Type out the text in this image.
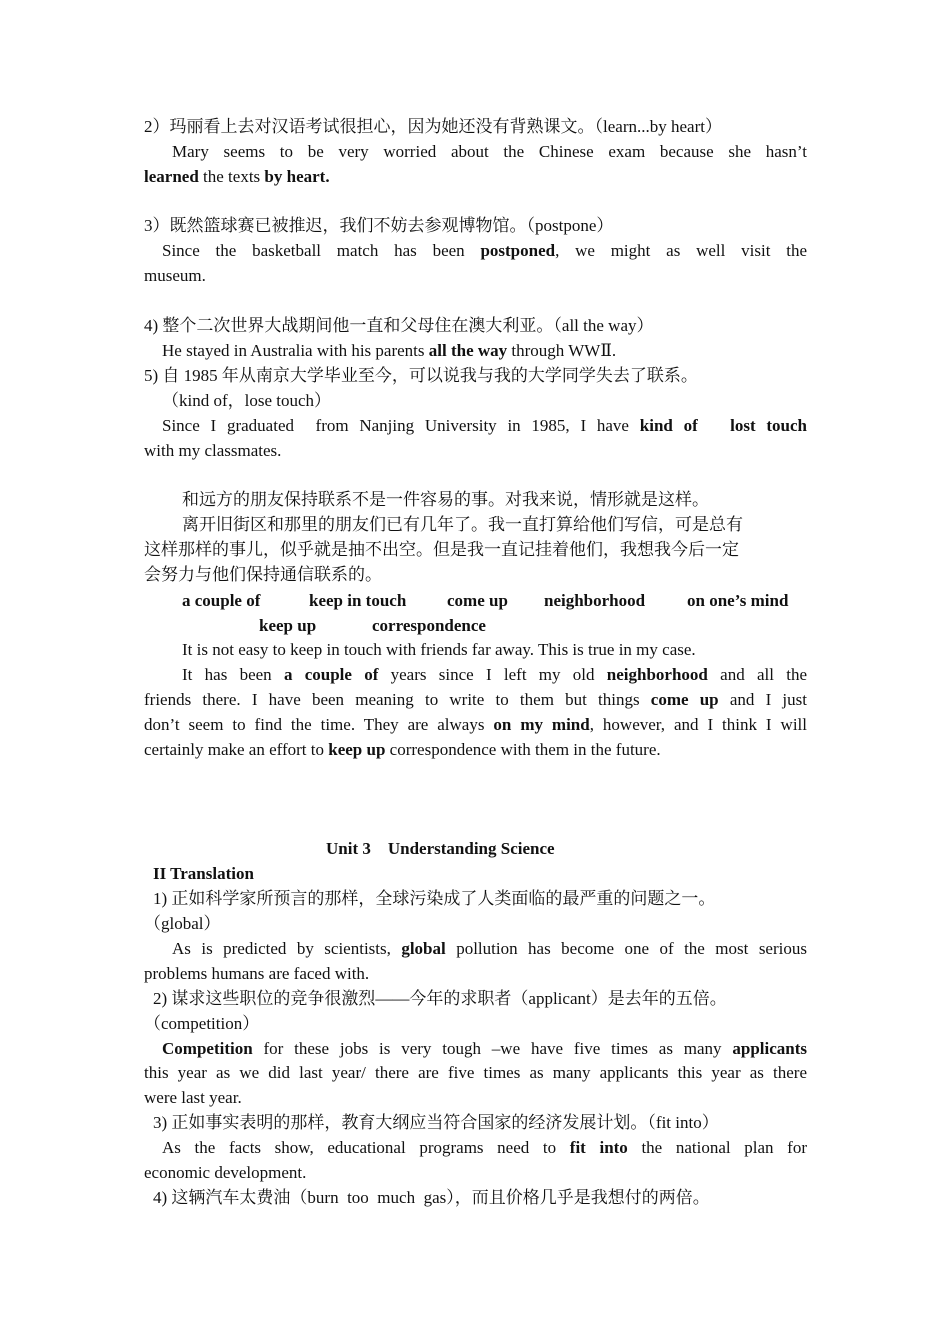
2）玛丽看上去对汉语考试很担心，因为她还没有背熟课文。（learn...by heart）
Mary seems to be very worried about the Chinese exam because she hasn’t
learned the texts by heart.
3）既然篮球赛已被推迟，我们不妨去参观博物馆。（postpone）
Since the basketball match has been postponed, we might as well visit the
museum.
4) 整个二次世界大战期间他一直和父母住在澳大利亚。（all the way）
He stayed in Australia with his parents all the way through WWⅡ.
5) 自 1985 年从南京大学毕业至今，可以说我与我的大学同学失去了联系。
（kind of，lose touch）
Since I graduated  from Nanjing University in 1985, I have kind of   lost touch
with my classmates.
和远方的朋友保持联系不是一件容易的事。对我来说，情形就是这样。
离开旧街区和那里的朋友们已有几年了。我一直打算给他们写信，可是总有
这样那样的事儿，似乎就是抽不出空。但是我一直记挂着他们，我想我今后一定
会努力与他们保持通信联系的。
a couple of	keep in touch come up neighborhood on one’s mind
keep up	correspondence
It is not easy to keep in touch with friends far away. This is true in my case.
It has been a couple of years since I left my old neighborhood and all the
friends there. I have been meaning to write to them but things come up and I just
don’t seem to find the time. They are always on my mind, however, and I think I will
certainly make an effort to keep up correspondence with them in the future.
Unit 3    Understanding Science
II Translation
1) 正如科学家所预言的那样，全球污染成了人类面临的最严重的问题之一。
（global）
As is predicted by scientists, global pollution has become one of the most serious
problems humans are faced with.
2) 谋求这些职位的竞争很激烈——今年的求职者（applicant）是去年的五倍。
（competition）
Competition for these jobs is very tough –we have five times as many applicants
this year as we did last year/ there are five times as many applicants this year as there
were last year.
3) 正如事实表明的那样，教育大纲应当符合国家的经济发展计划。（fit into）
As the facts show, educational programs need to fit into the national plan for
economic development.
4) 这辆汽车太费油（burn  too  much  gas），而且价格几乎是我想付的两倍。
